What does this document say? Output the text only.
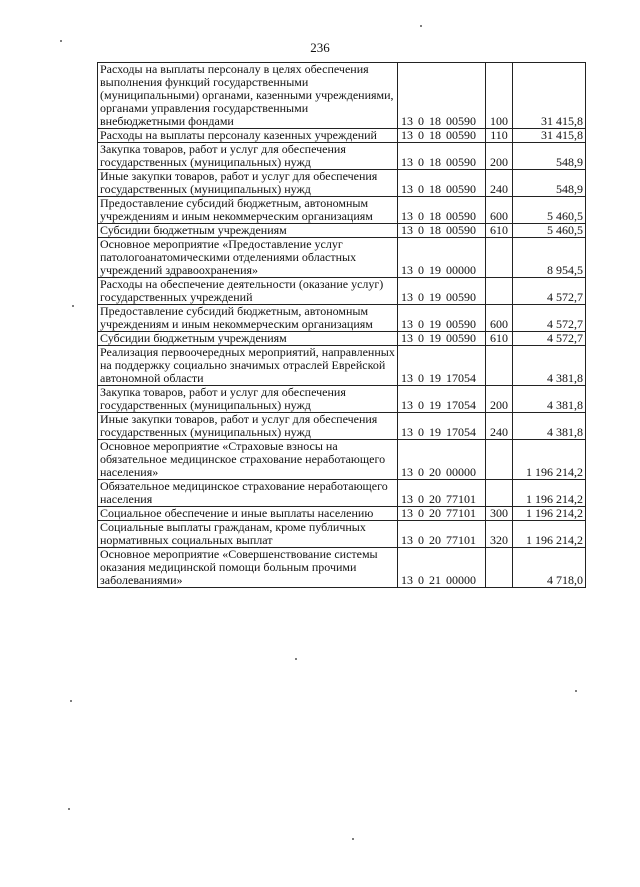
236
Расходы на выплаты персоналу в целях обеспечения выполнения функций государственными (муниципальными) органами, казенными учреждениями, органами управления государственными внебюджетными фондами	13 0 18 00590	100	31 415,8
Расходы на выплаты персоналу казенных учреждений	13 0 18 00590	110	31 415,8
Закупка товаров, работ и услуг для обеспечения государственных (муниципальных) нужд	13 0 18 00590	200	548,9
Иные закупки товаров, работ и услуг для обеспечения государственных (муниципальных) нужд	13 0 18 00590	240	548,9
Предоставление субсидий бюджетным, автономным учреждениям и иным некоммерческим организациям	13 0 18 00590	600	5 460,5
Субсидии бюджетным учреждениям	13 0 18 00590	610	5 460,5
Основное мероприятие «Предоставление услуг патологоанатомическими отделениями областных учреждений здравоохранения»	13 0 19 00000		8 954,5
Расходы на обеспечение деятельности (оказание услуг) государственных учреждений	13 0 19 00590		4 572,7
Предоставление субсидий бюджетным, автономным учреждениям и иным некоммерческим организациям	13 0 19 00590	600	4 572,7
Субсидии бюджетным учреждениям	13 0 19 00590	610	4 572,7
Реализация первоочередных мероприятий, направленных на поддержку социально значимых отраслей Еврейской автономной области	13 0 19 17054		4 381,8
Закупка товаров, работ и услуг для обеспечения государственных (муниципальных) нужд	13 0 19 17054	200	4 381,8
Иные закупки товаров, работ и услуг для обеспечения государственных (муниципальных) нужд	13 0 19 17054	240	4 381,8
Основное мероприятие «Страховые взносы на обязательное медицинское страхование неработающего населения»	13 0 20 00000		1 196 214,2
Обязательное медицинское страхование неработающего населения	13 0 20 77101		1 196 214,2
Социальное обеспечение и иные выплаты населению	13 0 20 77101	300	1 196 214,2
Социальные выплаты гражданам, кроме публичных нормативных социальных выплат	13 0 20 77101	320	1 196 214,2
Основное мероприятие «Совершенствование системы оказания медицинской помощи больным прочими заболеваниями»	13 0 21 00000		4 718,0
